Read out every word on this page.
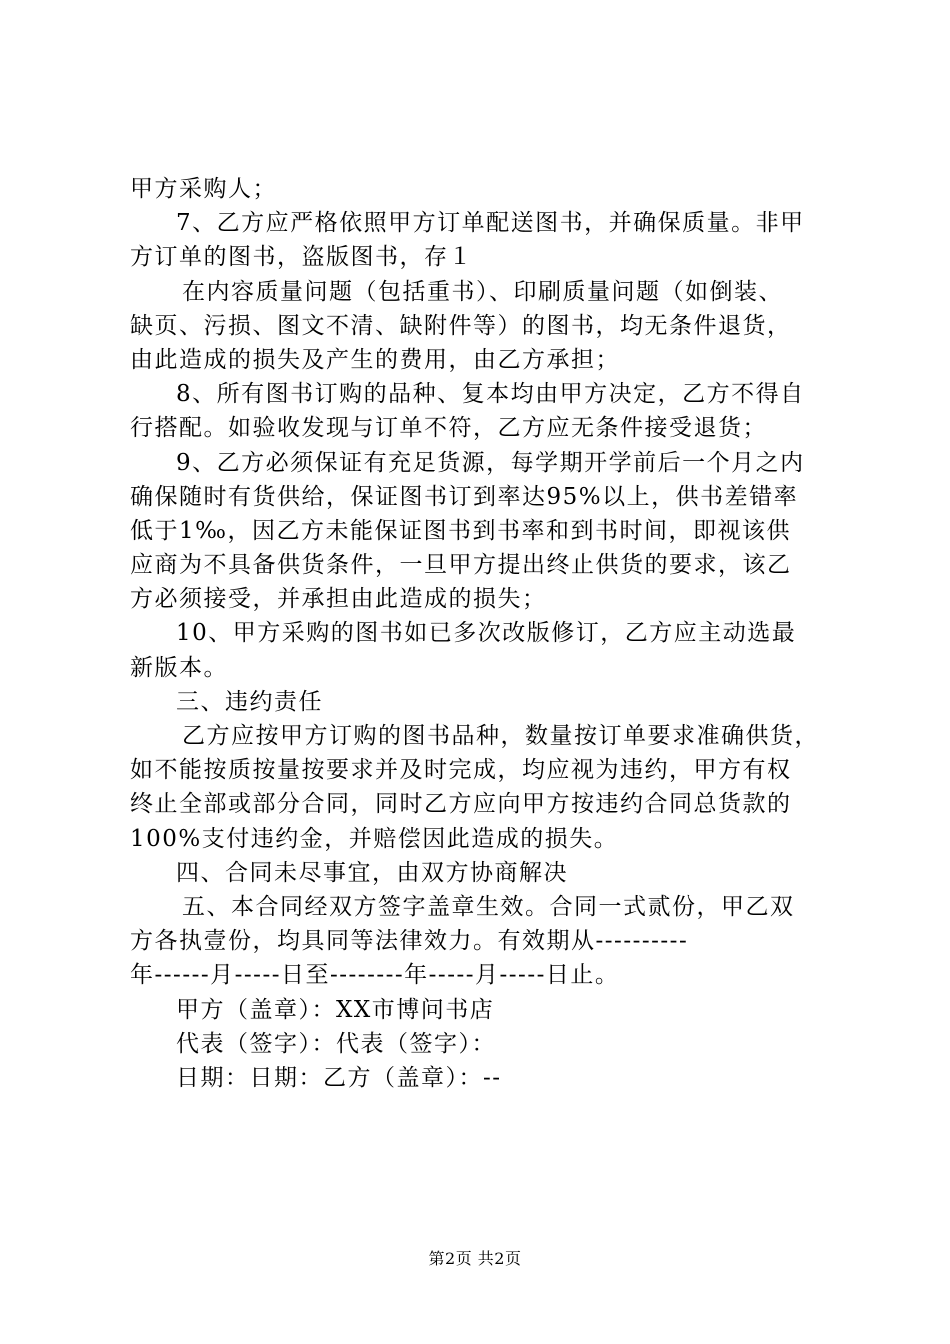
甲方采购人；
7、乙方应严格依照甲方订单配送图书，并确保质量。非甲
方订单的图书，盗版图书，存１
在内容质量问题（包括重书）、印刷质量问题（如倒装、
缺页、污损、图文不清、缺附件等）的图书，均无条件退货，
由此造成的损失及产生的费用，由乙方承担；
8、所有图书订购的品种、复本均由甲方决定，乙方不得自
行搭配。如验收发现与订单不符，乙方应无条件接受退货；
9、乙方必须保证有充足货源，每学期开学前后一个月之内
确保随时有货供给，保证图书订到率达95%以上，供书差错率
低于1‰，因乙方未能保证图书到书率和到书时间，即视该供
应商为不具备供货条件，一旦甲方提出终止供货的要求，该乙
方必须接受，并承担由此造成的损失；
10、甲方采购的图书如已多次改版修订，乙方应主动选最
新版本。
三、违约责任
乙方应按甲方订购的图书品种，数量按订单要求准确供货，
如不能按质按量按要求并及时完成，均应视为违约，甲方有权
终止全部或部分合同，同时乙方应向甲方按违约合同总货款的
100%支付违约金，并赔偿因此造成的损失。
四、合同未尽事宜，由双方协商解决
五、本合同经双方签字盖章生效。合同一式贰份，甲乙双
方各执壹份，均具同等法律效力。有效期从----------
年------月-----日至--------年-----月-----日止。
甲方（盖章）：XX市博问书店
代表（签字）：代表（签字）：
日期：日期：乙方（盖章）：--
第2页 共2页
